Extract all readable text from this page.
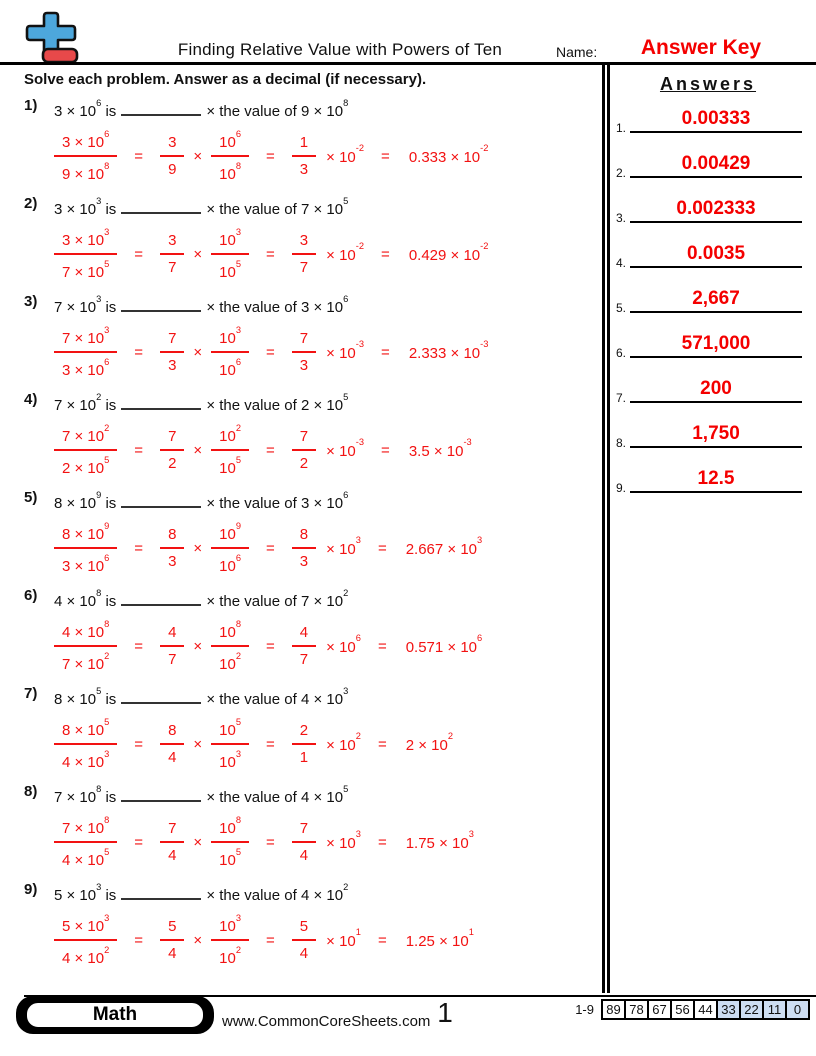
Finding Relative Value with Powers of Ten	Name:	Answer Key
Solve each problem. Answer as a decimal (if necessary).
1) $3 \times 10^6$ is	× the value of $9 \times 10^8$
$\frac{3 \times 10^6}{9 \times 10^8} = \frac{3}{9} \times \frac{10^6}{10^8} = \frac{1}{3} \times 10^{-2} = 0.333 \times 10^{-2}$
2) $3 \times 10^3$ is	× the value of $7 \times 10^5$
$\frac{3 \times 10^3}{7 \times 10^5} = \frac{3}{7} \times \frac{10^3}{10^5} = \frac{3}{7} \times 10^{-2} = 0.429 \times 10^{-2}$
3) $7 \times 10^3$ is	× the value of $3 \times 10^6$
$\frac{7 \times 10^3}{3 \times 10^6} = \frac{7}{3} \times \frac{10^3}{10^6} = \frac{7}{3} \times 10^{-3} = 2.333 \times 10^{-3}$
4) $7 \times 10^2$ is	× the value of $2 \times 10^5$
$\frac{7 \times 10^2}{2 \times 10^5} = \frac{7}{2} \times \frac{10^2}{10^5} = \frac{7}{2} \times 10^{-3} = 3.5 \times 10^{-3}$
5) $8 \times 10^9$ is	× the value of $3 \times 10^6$
$\frac{8 \times 10^9}{3 \times 10^6} = \frac{8}{3} \times \frac{10^9}{10^6} = \frac{8}{3} \times 10^3 = 2.667 \times 10^3$
6) $4 \times 10^8$ is	× the value of $7 \times 10^2$
$\frac{4 \times 10^8}{7 \times 10^2} = \frac{4}{7} \times \frac{10^8}{10^2} = \frac{4}{7} \times 10^6 = 0.571 \times 10^6$
7) $8 \times 10^5$ is	× the value of $4 \times 10^3$
$\frac{8 \times 10^5}{4 \times 10^3} = \frac{8}{4} \times \frac{10^5}{10^3} = \frac{2}{1} \times 10^2 = 2 \times 10^2$
8) $7 \times 10^8$ is	× the value of $4 \times 10^5$
$\frac{7 \times 10^8}{4 \times 10^5} = \frac{7}{4} \times \frac{10^8}{10^5} = \frac{7}{4} \times 10^3 = 1.75 \times 10^3$
9) $5 \times 10^3$ is	× the value of $4 \times 10^2$
$\frac{5 \times 10^3}{4 \times 10^2} = \frac{5}{4} \times \frac{10^3}{10^2} = \frac{5}{4} \times 10^1 = 1.25 \times 10^1$
Answers
1.	0.00333
2.	0.00429
3.	0.002333
4.	0.0035
5.	2,667
6.	571,000
7.	200
8.	1,750
9.	12.5
Math	www.CommonCoreSheets.com 1	1-9 89 78 67 56 44 33 22 11 0
